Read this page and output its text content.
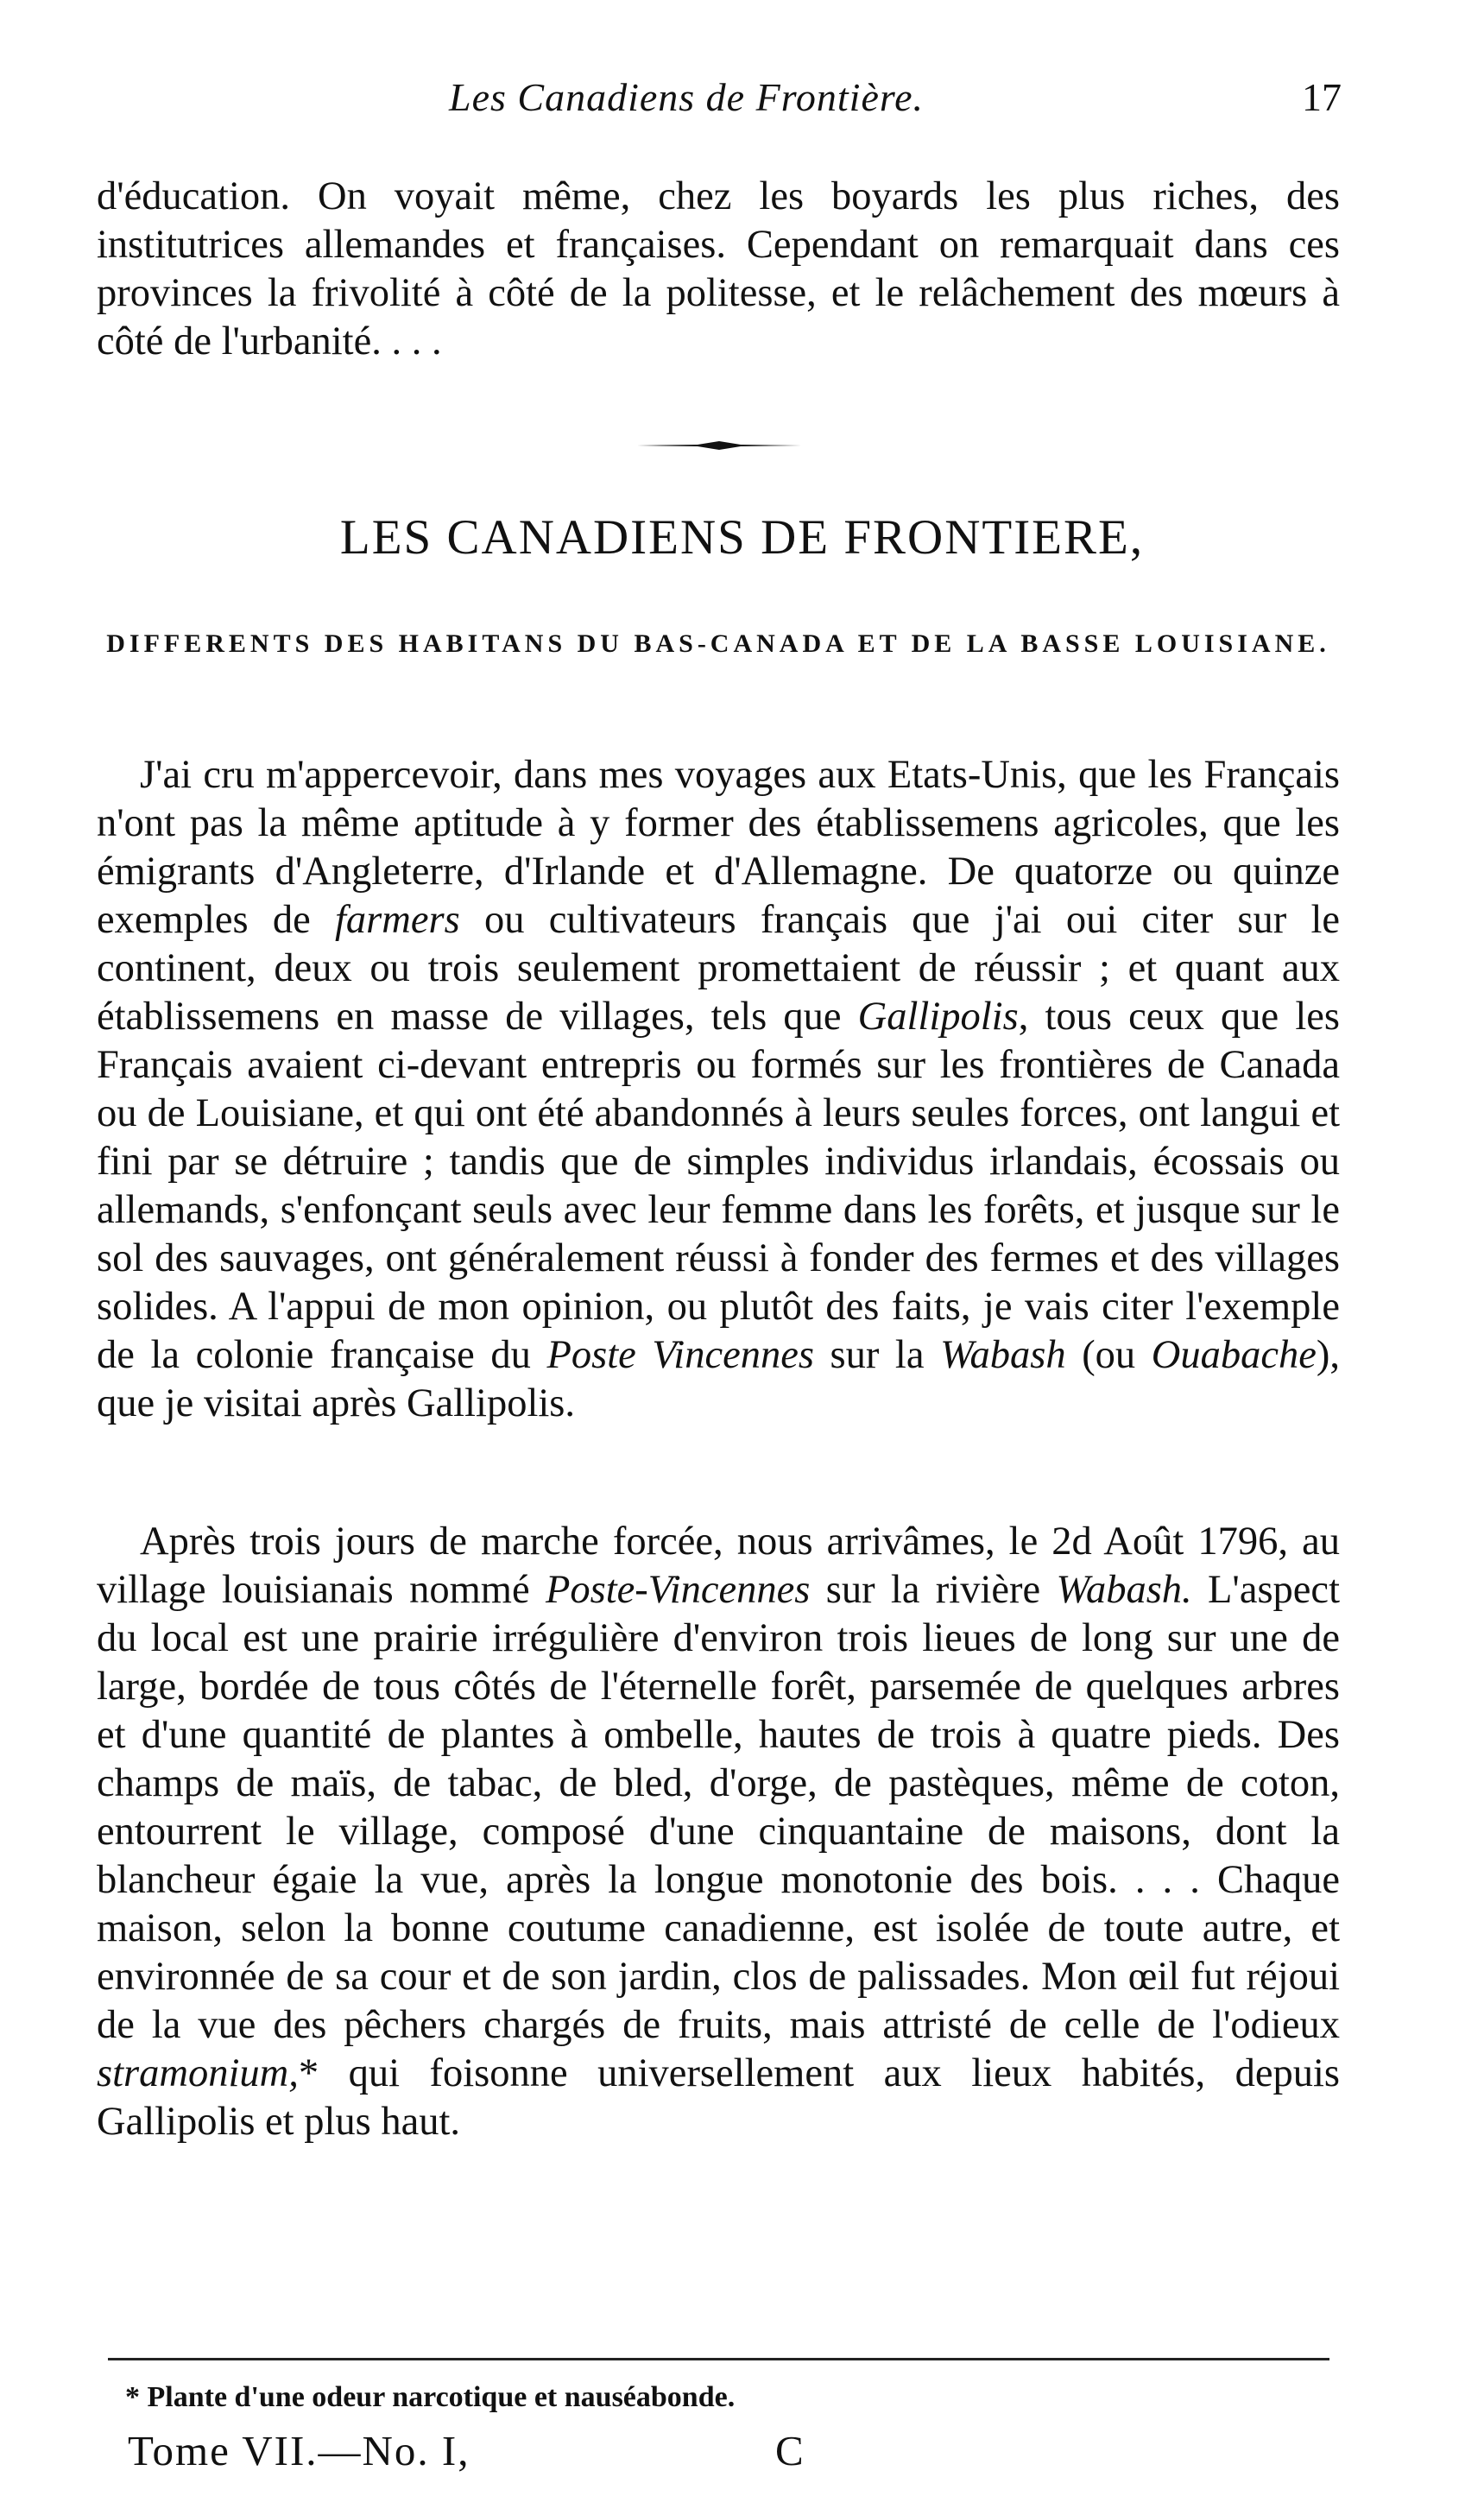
Les Canadiens de Frontière.	17
d'éducation. On voyait même, chez les boyards les plus riches, des institutrices allemandes et françaises. Cependant on remarquait dans ces provinces la frivolité à côté de la politesse, et le relâchement des mœurs à côté de l'urbanité. . . .
LES CANADIENS DE FRONTIERE,
DIFFERENTS DES HABITANS DU BAS-CANADA ET DE LA BASSE LOUISIANE.
J'ai cru m'appercevoir, dans mes voyages aux Etats-Unis, que les Français n'ont pas la même aptitude à y former des établissemens agricoles, que les émigrants d'Angleterre, d'Irlande et d'Allemagne. De quatorze ou quinze exemples de farmers ou cultivateurs français que j'ai oui citer sur le continent, deux ou trois seulement promettaient de réussir ; et quant aux établissemens en masse de villages, tels que Gallipolis, tous ceux que les Français avaient ci-devant entrepris ou formés sur les frontières de Canada ou de Louisiane, et qui ont été abandonnés à leurs seules forces, ont langui et fini par se détruire ; tandis que de simples individus irlandais, écossais ou allemands, s'enfonçant seuls avec leur femme dans les forêts, et jusque sur le sol des sauvages, ont généralement réussi à fonder des fermes et des villages solides. A l'appui de mon opinion, ou plutôt des faits, je vais citer l'exemple de la colonie française du Poste Vincennes sur la Wabash (ou Ouabache), que je visitai après Gallipolis.
Après trois jours de marche forcée, nous arrivâmes, le 2d Août 1796, au village louisianais nommé Poste-Vincennes sur la rivière Wabash. L'aspect du local est une prairie irrégulière d'environ trois lieues de long sur une de large, bordée de tous côtés de l'éternelle forêt, parsemée de quelques arbres et d'une quantité de plantes à ombelle, hautes de trois à quatre pieds. Des champs de maïs, de tabac, de bled, d'orge, de pastèques, même de coton, entourrent le village, composé d'une cinquantaine de maisons, dont la blancheur égaie la vue, après la longue monotonie des bois. . . . Chaque maison, selon la bonne coutume canadienne, est isolée de toute autre, et environnée de sa cour et de son jardin, clos de palissades. Mon œil fut réjoui de la vue des pêchers chargés de fruits, mais attristé de celle de l'odieux stramonium,* qui foisonne universellement aux lieux habités, depuis Gallipolis et plus haut.
* Plante d'une odeur narcotique et nauséabonde.
Tome VII.—No. I,	C
